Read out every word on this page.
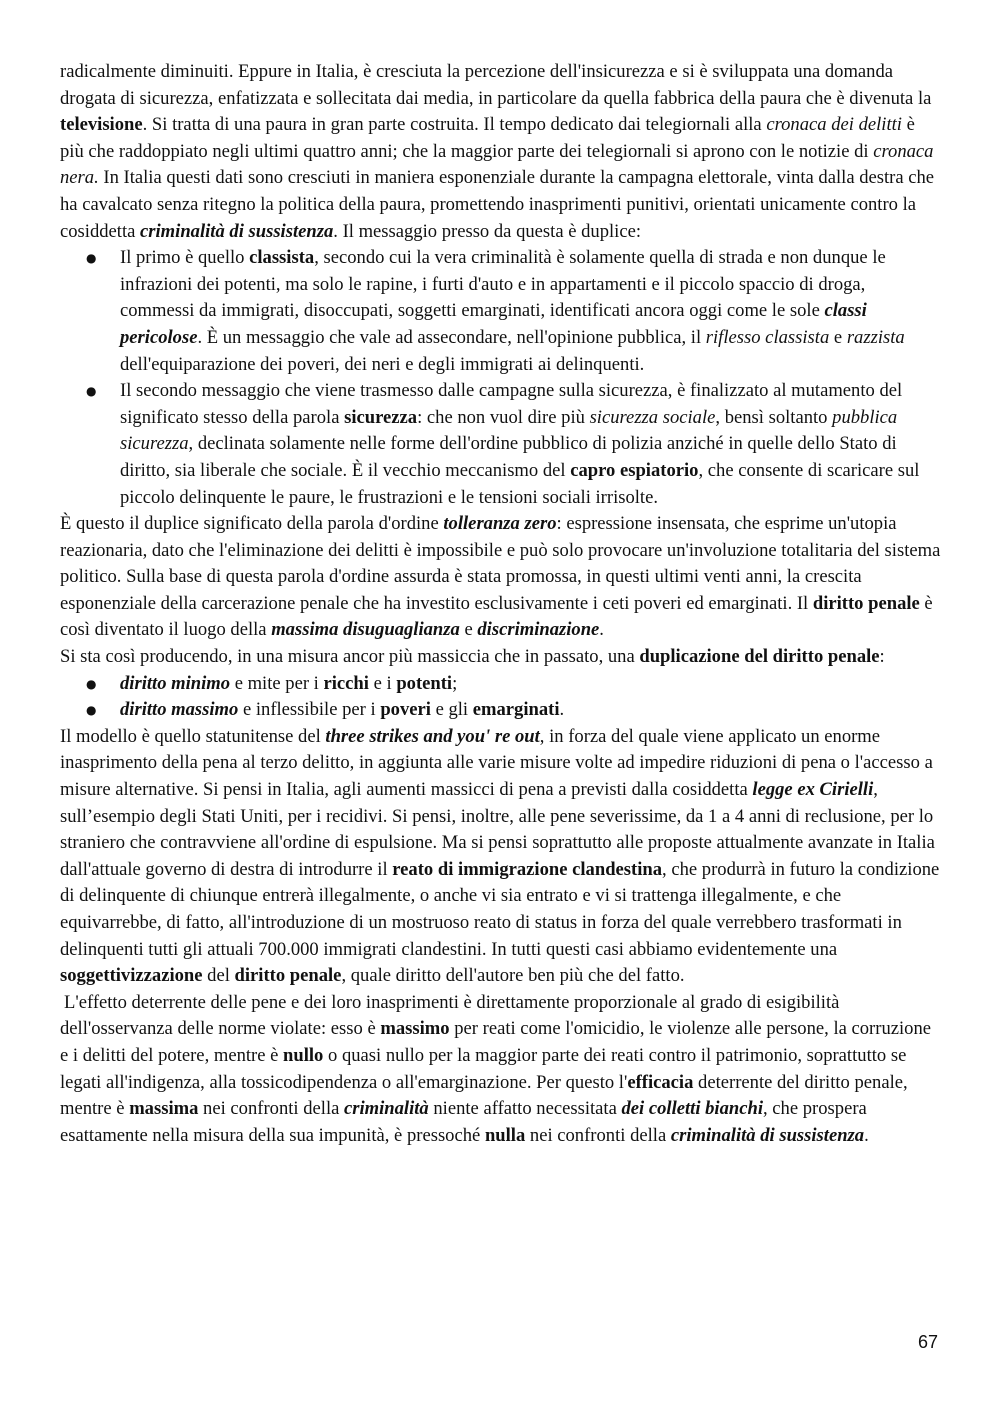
radicalmente diminuiti. Eppure in Italia, è cresciuta la percezione dell'insicurezza e si è sviluppata una domanda drogata di sicurezza, enfatizzata e sollecitata dai media, in particolare da quella fabbrica della paura che è divenuta la televisione. Si tratta di una paura in gran parte costruita. Il tempo dedicato dai telegiornali alla cronaca dei delitti è più che raddoppiato negli ultimi quattro anni; che la maggior parte dei telegiornali si aprono con le notizie di cronaca nera. In Italia questi dati sono cresciuti in maniera esponenziale durante la campagna elettorale, vinta dalla destra che ha cavalcato senza ritegno la politica della paura, promettendo inasprimenti punitivi, orientati unicamente contro la cosiddetta criminalità di sussistenza. Il messaggio presso da questa è duplice:

● Il primo è quello classista, secondo cui la vera criminalità è solamente quella di strada e non dunque le infrazioni dei potenti, ma solo le rapine, i furti d'auto e in appartamenti e il piccolo spaccio di droga, commessi da immigrati, disoccupati, soggetti emarginati, identificati ancora oggi come le sole classi pericolose. È un messaggio che vale ad assecondare, nell'opinione pubblica, il riflesso classista e razzista dell'equiparazione dei poveri, dei neri e degli immigrati ai delinquenti.
● Il secondo messaggio che viene trasmesso dalle campagne sulla sicurezza, è finalizzato al mutamento del significato stesso della parola sicurezza: che non vuol dire più sicurezza sociale, bensì soltanto pubblica sicurezza, declinata solamente nelle forme dell'ordine pubblico di polizia anziché in quelle dello Stato di diritto, sia liberale che sociale. È il vecchio meccanismo del capro espiatorio, che consente di scaricare sul piccolo delinquente le paure, le frustrazioni e le tensioni sociali irrisolte.

È questo il duplice significato della parola d'ordine tolleranza zero: espressione insensata, che esprime un'utopia reazionaria, dato che l'eliminazione dei delitti è impossibile e può solo provocare un'involuzione totalitaria del sistema politico. Sulla base di questa parola d'ordine assurda è stata promossa, in questi ultimi venti anni, la crescita esponenziale della carcerazione penale che ha investito esclusivamente i ceti poveri ed emarginati. Il diritto penale è così diventato il luogo della massima disuguaglianza e discriminazione.

Si sta così producendo, in una misura ancor più massiccia che in passato, una duplicazione del diritto penale:

● diritto minimo e mite per i ricchi e i potenti;
● diritto massimo e inflessibile per i poveri e gli emarginati.

Il modello è quello statunitense del three strikes and you' re out, in forza del quale viene applicato un enorme inasprimento della pena al terzo delitto, in aggiunta alle varie misure volte ad impedire riduzioni di pena o l'accesso a misure alternative. Si pensi in Italia, agli aumenti massicci di pena a previsti dalla cosiddetta legge ex Cirielli, sull’esempio degli Stati Uniti, per i recidivi. Si pensi, inoltre, alle pene severissime, da 1 a 4 anni di reclusione, per lo straniero che contravviene all'ordine di espulsione. Ma si pensi soprattutto alle proposte attualmente avanzate in Italia dall'attuale governo di destra di introdurre il reato di immigrazione clandestina, che produrrà in futuro la condizione di delinquente di chiunque entrerà illegalmente, o anche vi sia entrato e vi si trattenga illegalmente, e che equivarrebbe, di fatto, all'introduzione di un mostruoso reato di status in forza del quale verrebbero trasformati in delinquenti tutti gli attuali 700.000 immigrati clandestini. In tutti questi casi abbiamo evidentemente una soggettivizzazione del diritto penale, quale diritto dell'autore ben più che del fatto.

L'effetto deterrente delle pene e dei loro inasprimenti è direttamente proporzionale al grado di esigibilità dell'osservanza delle norme violate: esso è massimo per reati come l'omicidio, le violenze alle persone, la corruzione e i delitti del potere, mentre è nullo o quasi nullo per la maggior parte dei reati contro il patrimonio, soprattutto se legati all'indigenza, alla tossicodipendenza o all'emarginazione. Per questo l'efficacia deterrente del diritto penale, mentre è massima nei confronti della criminalità niente affatto necessitata dei colletti bianchi, che prospera esattamente nella misura della sua impunità, è pressoché nulla nei confronti della criminalità di sussistenza.

67
